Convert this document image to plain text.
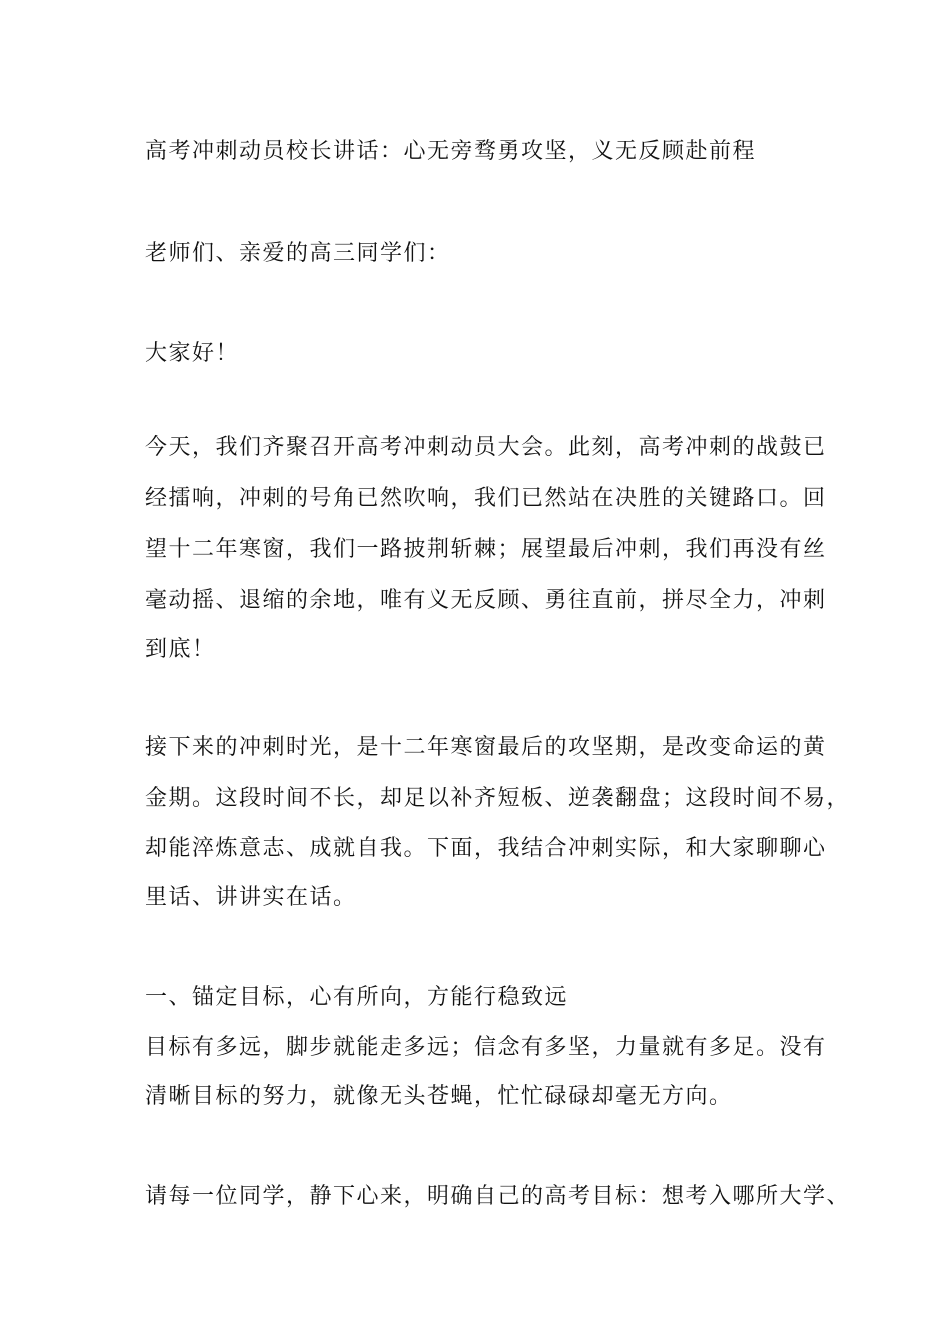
高考冲刺动员校长讲话：心无旁骛勇攻坚，义无反顾赴前程
老师们、亲爱的高三同学们：
大家好！
今天，我们齐聚召开高考冲刺动员大会。此刻，高考冲刺的战鼓已
经擂响，冲刺的号角已然吹响，我们已然站在决胜的关键路口。回
望十二年寒窗，我们一路披荆斩棘；展望最后冲刺，我们再没有丝
毫动摇、退缩的余地，唯有义无反顾、勇往直前，拼尽全力，冲刺
到底！
接下来的冲刺时光，是十二年寒窗最后的攻坚期，是改变命运的黄
金期。这段时间不长，却足以补齐短板、逆袭翻盘；这段时间不易，
却能淬炼意志、成就自我。下面，我结合冲刺实际，和大家聊聊心
里话、讲讲实在话。
一、锚定目标，心有所向，方能行稳致远
目标有多远，脚步就能走多远；信念有多坚，力量就有多足。没有
清晰目标的努力，就像无头苍蝇，忙忙碌碌却毫无方向。
请每一位同学，静下心来，明确自己的高考目标：想考入哪所大学、
